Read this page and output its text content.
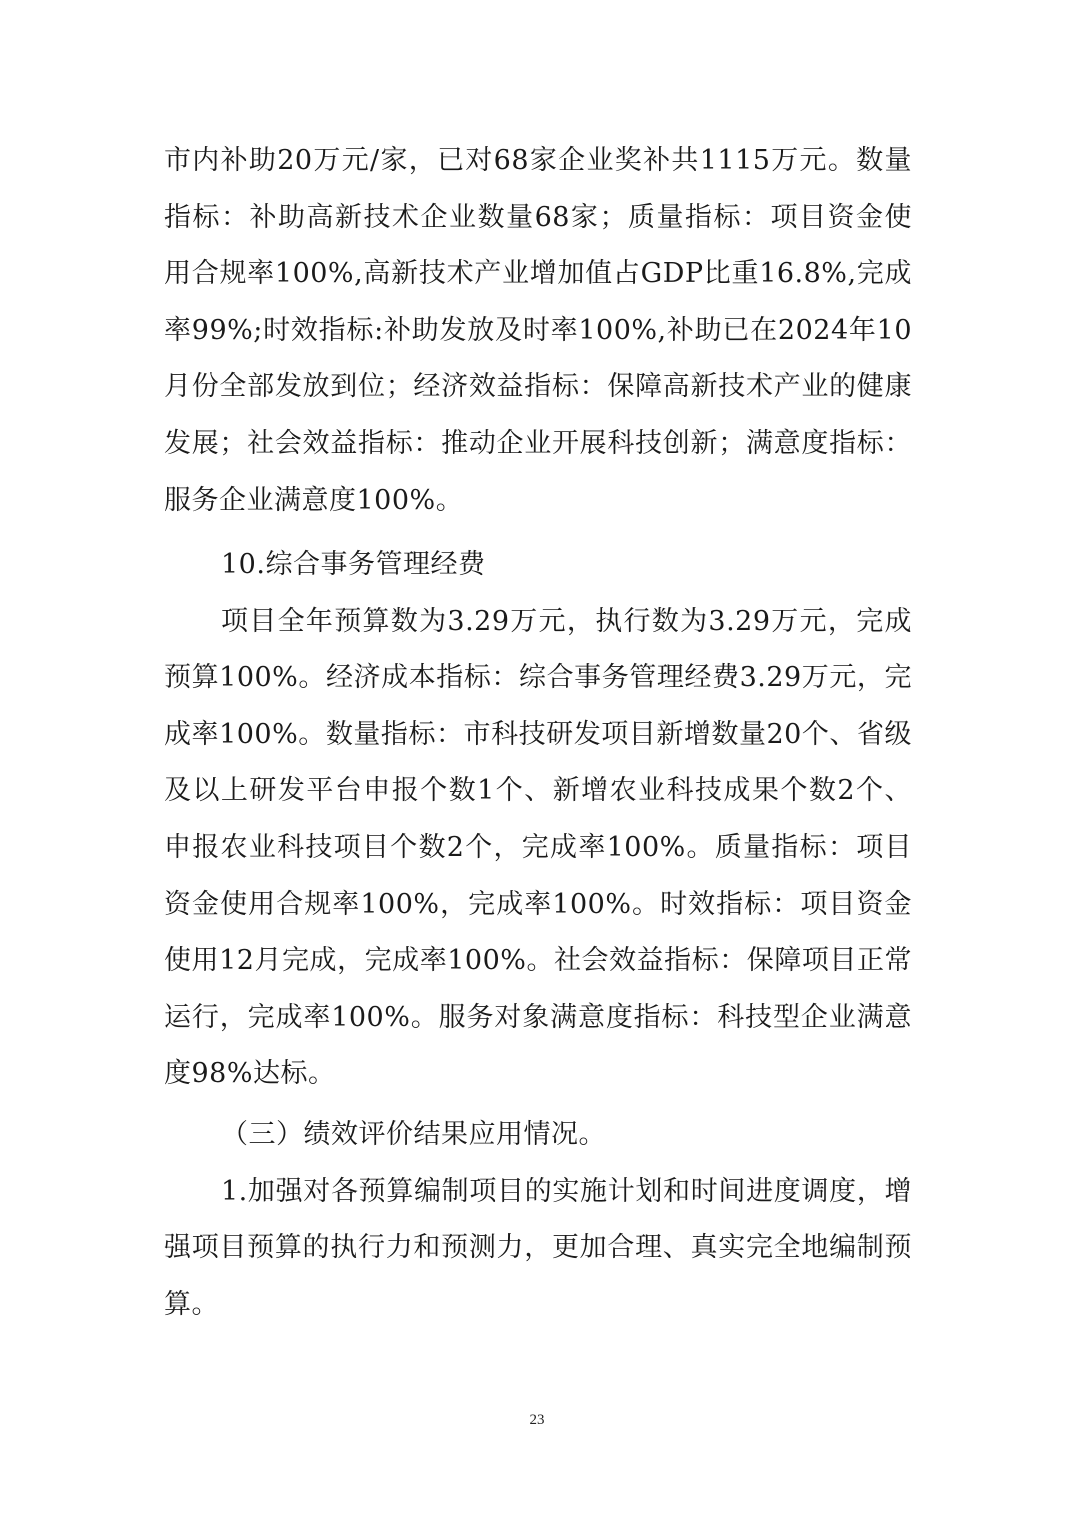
市内补助20万元/家，已对68家企业奖补共1115万元。数量指标：补助高新技术企业数量68家；质量指标：项目资金使用合规率100%,高新技术产业增加值占GDP比重16.8%,完成率99%;时效指标:补助发放及时率100%,补助已在2024年10月份全部发放到位；经济效益指标：保障高新技术产业的健康发展；社会效益指标：推动企业开展科技创新；满意度指标：服务企业满意度100%。

10.综合事务管理经费

项目全年预算数为3.29万元，执行数为3.29万元，完成预算100%。经济成本指标：综合事务管理经费3.29万元，完成率100%。数量指标：市科技研发项目新增数量20个、省级及以上研发平台申报个数1个、新增农业科技成果个数2个、申报农业科技项目个数2个，完成率100%。质量指标：项目资金使用合规率100%，完成率100%。时效指标：项目资金使用12月完成，完成率100%。社会效益指标：保障项目正常运行，完成率100%。服务对象满意度指标：科技型企业满意度98%达标。

（三）绩效评价结果应用情况。

1.加强对各预算编制项目的实施计划和时间进度调度，增强项目预算的执行力和预测力，更加合理、真实完全地编制预算。

23
